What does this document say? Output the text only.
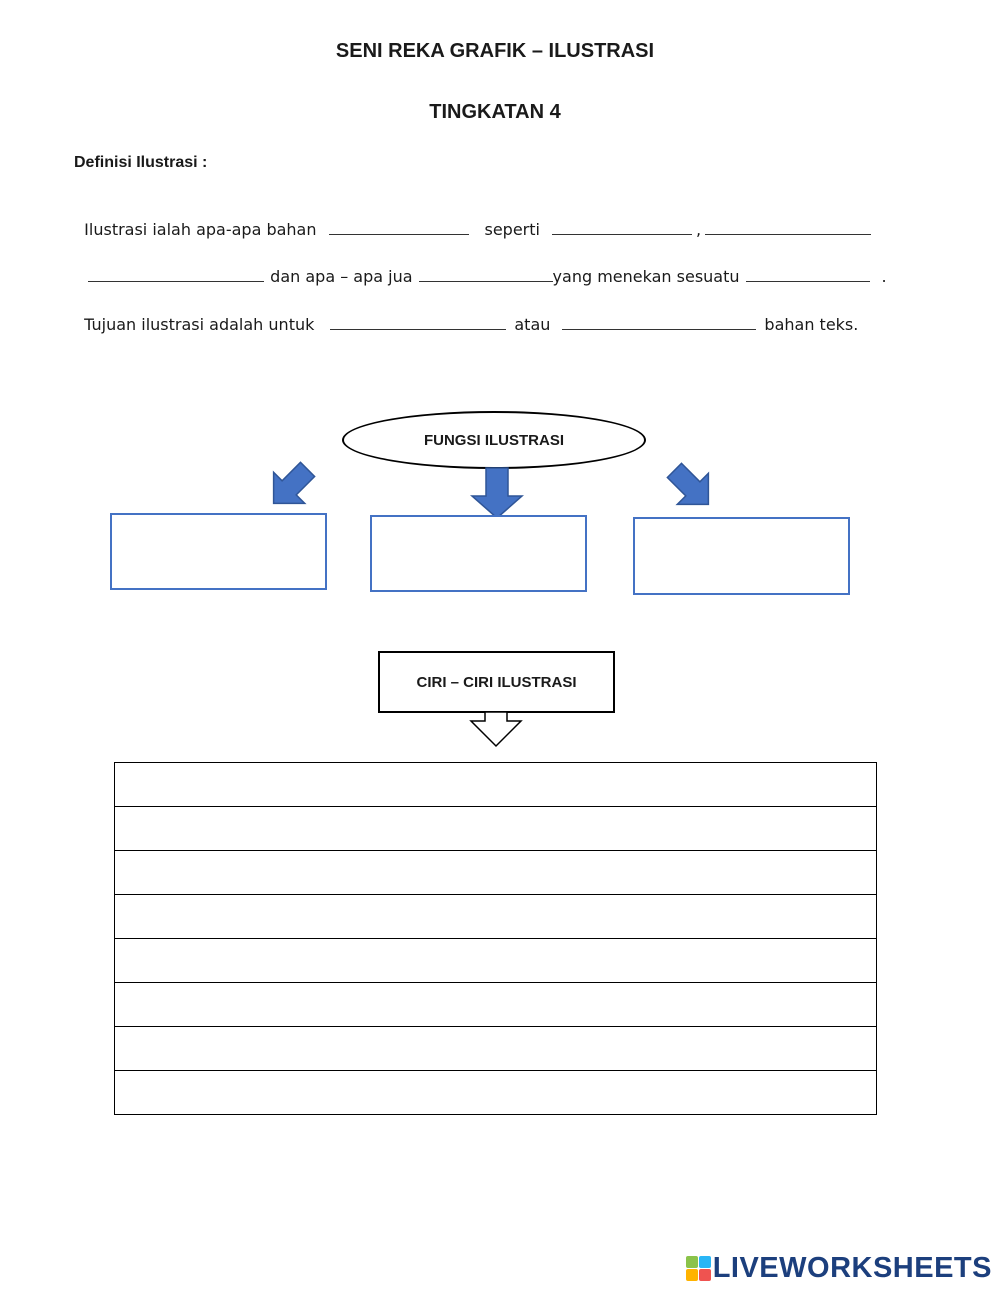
SENI REKA GRAFIK – ILUSTRASI
TINGKATAN 4
Definisi Ilustrasi :

Ilustrasi ialah apa-apa bahan	seperti	,

dan apa – apa jua	yang menekan sesuatu	.

Tujuan ilustrasi adalah untuk	atau	bahan teks.

FUNGSI ILUSTRASI
CIRI – CIRI ILUSTRASI

LIVEWORKSHEETS
